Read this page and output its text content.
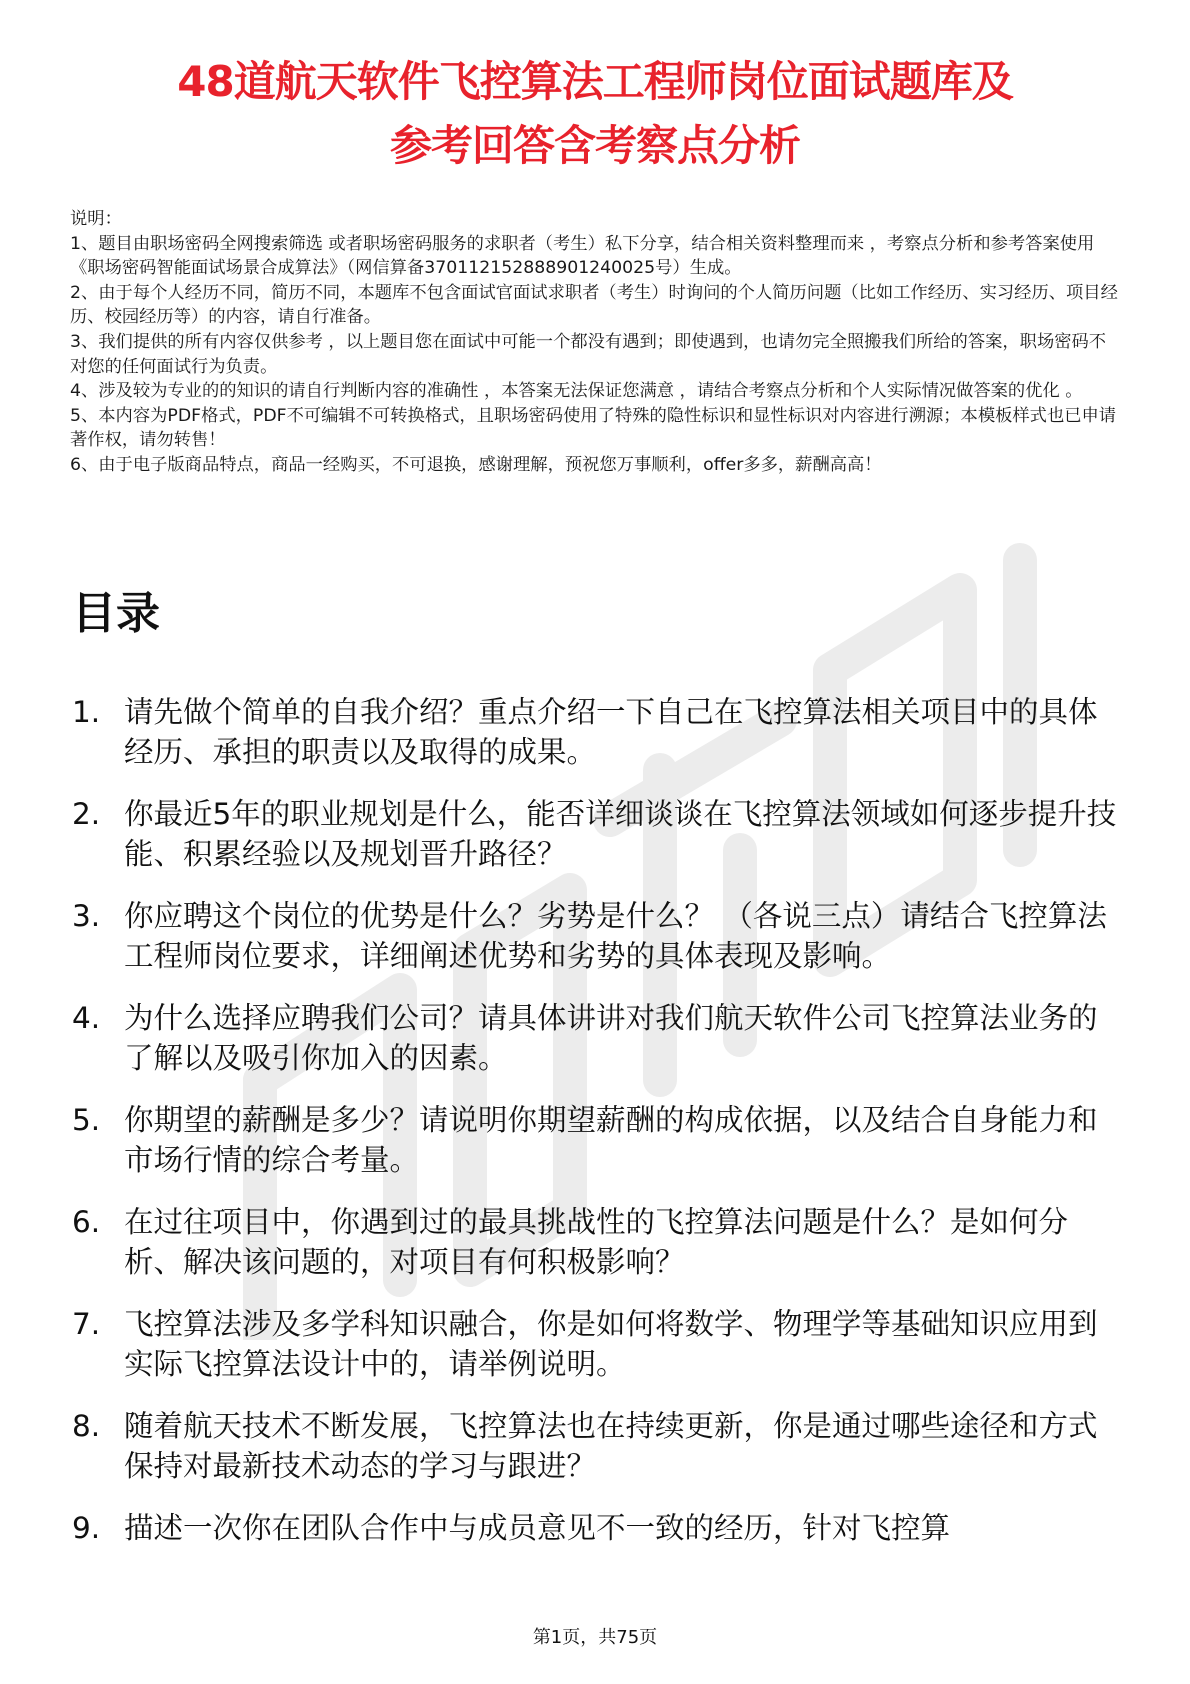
48道航天软件飞控算法工程师岗位面试题库及
参考回答含考察点分析

说明：

1、题目由职场密码全网搜索筛选 或者职场密码服务的求职者（考生）私下分享，结合相关资料整理而来 ，考察点分析和参考答案使用《职场密码智能面试场景合成算法》（网信算备370112152888901240025号）生成。

2、由于每个人经历不同，简历不同，本题库不包含面试官面试求职者（考生）时询问的个人简历问题（比如工作经历、实习经历、项目经历、校园经历等）的内容，请自行准备。

3、我们提供的所有内容仅供参考 ，以上题目您在面试中可能一个都没有遇到；即使遇到，也请勿完全照搬我们所给的答案，职场密码不对您的任何面试行为负责。

4、涉及较为专业的的知识的请自行判断内容的准确性 ，本答案无法保证您满意 ，请结合考察点分析和个人实际情况做答案的优化 。

5、本内容为PDF格式，PDF不可编辑不可转换格式，且职场密码使用了特殊的隐性标识和显性标识对内容进行溯源；本模板样式也已申请著作权，请勿转售！

6、由于电子版商品特点，商品一经购买，不可退换，感谢理解，预祝您万事顺利，offer多多，薪酬高高！

目录
1. 请先做个简单的自我介绍？重点介绍一下自己在飞控算法相关项目中的具体经历、承担的职责以及取得的成果。
2. 你最近5年的职业规划是什么，能否详细谈谈在飞控算法领域如何逐步提升技能、积累经验以及规划晋升路径？
3. 你应聘这个岗位的优势是什么？劣势是什么？ （各说三点）请结合飞控算法工程师岗位要求，详细阐述优势和劣势的具体表现及影响。
4. 为什么选择应聘我们公司？请具体讲讲对我们航天软件公司飞控算法业务的了解以及吸引你加入的因素。
5. 你期望的薪酬是多少？请说明你期望薪酬的构成依据，以及结合自身能力和市场行情的综合考量。
6. 在过往项目中，你遇到过的最具挑战性的飞控算法问题是什么？是如何分析、解决该问题的，对项目有何积极影响？
7. 飞控算法涉及多学科知识融合，你是如何将数学、物理学等基础知识应用到实际飞控算法设计中的，请举例说明。
8. 随着航天技术不断发展，飞控算法也在持续更新，你是通过哪些途径和方式保持对最新技术动态的学习与跟进？
9. 描述一次你在团队合作中与成员意见不一致的经历，针对飞控算
第1页，共75页
